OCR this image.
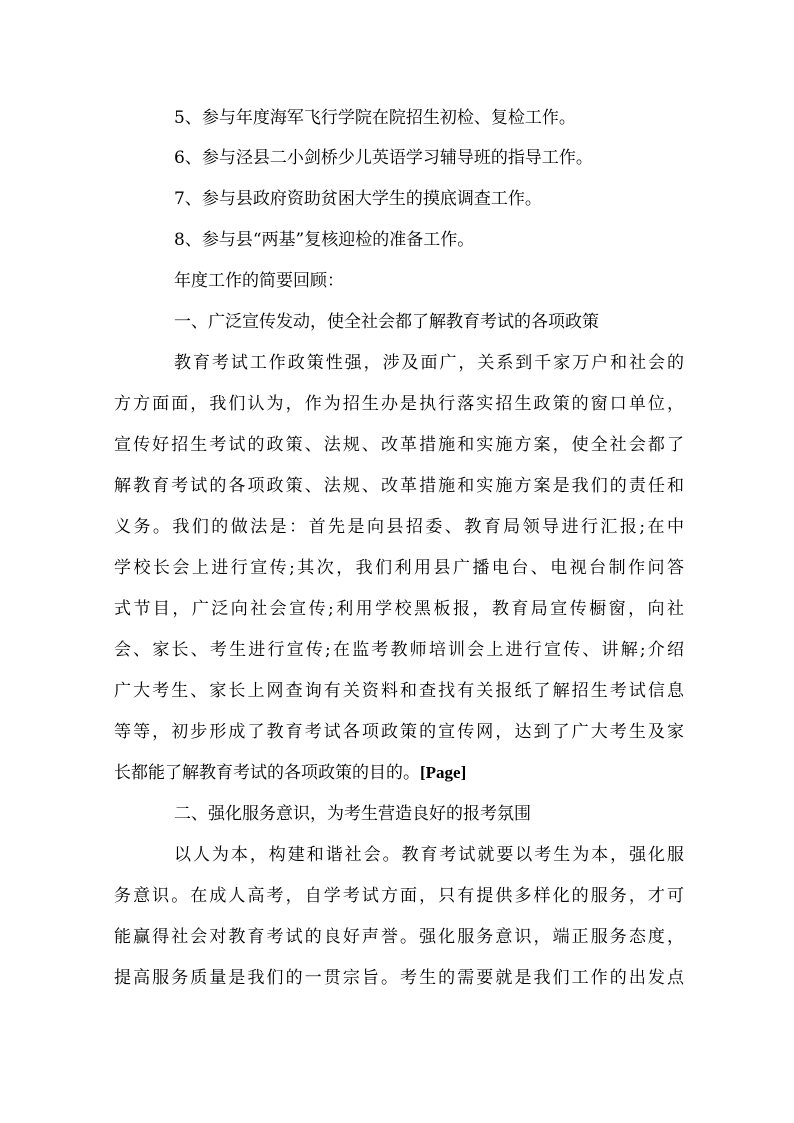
5、参与年度海军飞行学院在院招生初检、复检工作。
6、参与泾县二小剑桥少儿英语学习辅导班的指导工作。
7、参与县政府资助贫困大学生的摸底调查工作。
8、参与县“两基”复核迎检的准备工作。
年度工作的简要回顾：
一、广泛宣传发动，使全社会都了解教育考试的各项政策
教育考试工作政策性强，涉及面广，关系到千家万户和社会的
方方面面，我们认为，作为招生办是执行落实招生政策的窗口单位，
宣传好招生考试的政策、法规、改革措施和实施方案，使全社会都了
解教育考试的各项政策、法规、改革措施和实施方案是我们的责任和
义务。我们的做法是：首先是向县招委、教育局领导进行汇报;在中
学校长会上进行宣传;其次，我们利用县广播电台、电视台制作问答
式节目，广泛向社会宣传;利用学校黑板报，教育局宣传橱窗，向社
会、家长、考生进行宣传;在监考教师培训会上进行宣传、讲解;介绍
广大考生、家长上网查询有关资料和查找有关报纸了解招生考试信息
等等，初步形成了教育考试各项政策的宣传网，达到了广大考生及家
长都能了解教育考试的各项政策的目的。[Page]
二、强化服务意识，为考生营造良好的报考氛围
以人为本，构建和谐社会。教育考试就要以考生为本，强化服
务意识。在成人高考，自学考试方面，只有提供多样化的服务，才可
能赢得社会对教育考试的良好声誉。强化服务意识，端正服务态度，
提高服务质量是我们的一贯宗旨。考生的需要就是我们工作的出发点
